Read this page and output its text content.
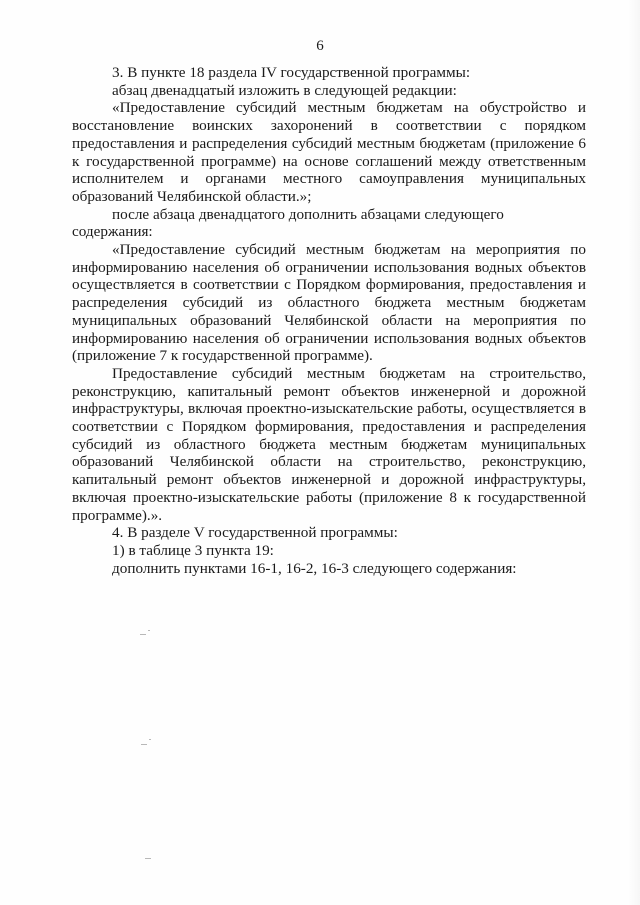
6

3. В пункте 18 раздела IV государственной программы:

абзац двенадцатый изложить в следующей редакции:

«Предоставление субсидий местным бюджетам на обустройство и восстановление воинских захоронений в соответствии с порядком предоставления и распределения субсидий местным бюджетам (приложение 6 к государственной программе) на основе соглашений между ответственным исполнителем и органами местного самоуправления муниципальных образований Челябинской области.»;

после абзаца двенадцатого дополнить абзацами следующего содержания:

«Предоставление субсидий местным бюджетам на мероприятия по информированию населения об ограничении использования водных объектов осуществляется в соответствии с Порядком формирования, предоставления и распределения субсидий из областного бюджета местным бюджетам муниципальных образований Челябинской области на мероприятия по информированию населения об ограничении использования водных объектов (приложение 7 к государственной программе).

Предоставление субсидий местным бюджетам на строительство, реконструкцию, капитальный ремонт объектов инженерной и дорожной инфраструктуры, включая проектно-изыскательские работы, осуществляется в соответствии с Порядком формирования, предоставления и распределения субсидий из областного бюджета местным бюджетам муниципальных образований Челябинской области на строительство, реконструкцию, капитальный ремонт объектов инженерной и дорожной инфраструктуры, включая проектно-изыскательские работы (приложение 8 к государственной программе).».

4. В разделе V государственной программы:

1) в таблице 3 пункта 19:

дополнить пунктами 16-1, 16-2, 16-3 следующего содержания:
